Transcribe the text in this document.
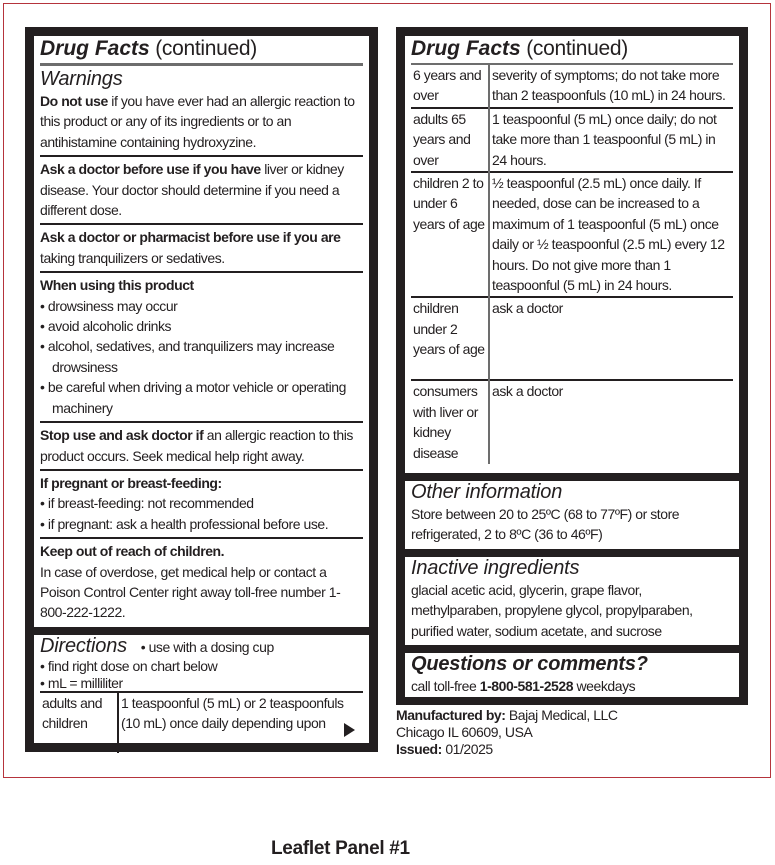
Drug Facts (continued)
Warnings
Do not use if you have ever had an allergic reaction to this product or any of its ingredients or to an antihistamine containing hydroxyzine.
Ask a doctor before use if you have liver or kidney disease. Your doctor should determine if you need a different dose.
Ask a doctor or pharmacist before use if you are taking tranquilizers or sedatives.
When using this product
• drowsiness may occur
• avoid alcoholic drinks
• alcohol, sedatives, and tranquilizers may increase drowsiness
• be careful when driving a motor vehicle or operating machinery
Stop use and ask doctor if an allergic reaction to this product occurs. Seek medical help right away.
If pregnant or breast-feeding:
• if breast-feeding: not recommended
• if pregnant: ask a health professional before use.
Keep out of reach of children.
In case of overdose, get medical help or contact a Poison Control Center right away toll-free number 1-800-222-1222.
Directions • use with a dosing cup
• find right dose on chart below
• mL = milliliter
adults and children	1 teaspoonful (5 mL) or 2 teaspoonfuls (10 mL) once daily depending upon
Drug Facts (continued)
6 years and over	severity of symptoms; do not take more than 2 teaspoonfuls (10 mL) in 24 hours.
adults 65 years and over	1 teaspoonful (5 mL) once daily; do not take more than 1 teaspoonful (5 mL) in 24 hours.
children 2 to under 6 years of age	½ teaspoonful (2.5 mL) once daily. If needed, dose can be increased to a maximum of 1 teaspoonful (5 mL) once daily or ½ teaspoonful (2.5 mL) every 12 hours. Do not give more than 1 teaspoonful (5 mL) in 24 hours.
children under 2 years of age	ask a doctor
consumers with liver or kidney disease	ask a doctor
Other information
Store between 20 to 25ºC (68 to 77ºF) or store refrigerated, 2 to 8ºC (36 to 46ºF)
Inactive ingredients
glacial acetic acid, glycerin, grape flavor, methylparaben, propylene glycol, propylparaben, purified water, sodium acetate, and sucrose
Questions or comments?
call toll-free 1-800-581-2528 weekdays
Manufactured by: Bajaj Medical, LLC
Chicago IL 60609, USA
Issued: 01/2025
Leaflet Panel #1
